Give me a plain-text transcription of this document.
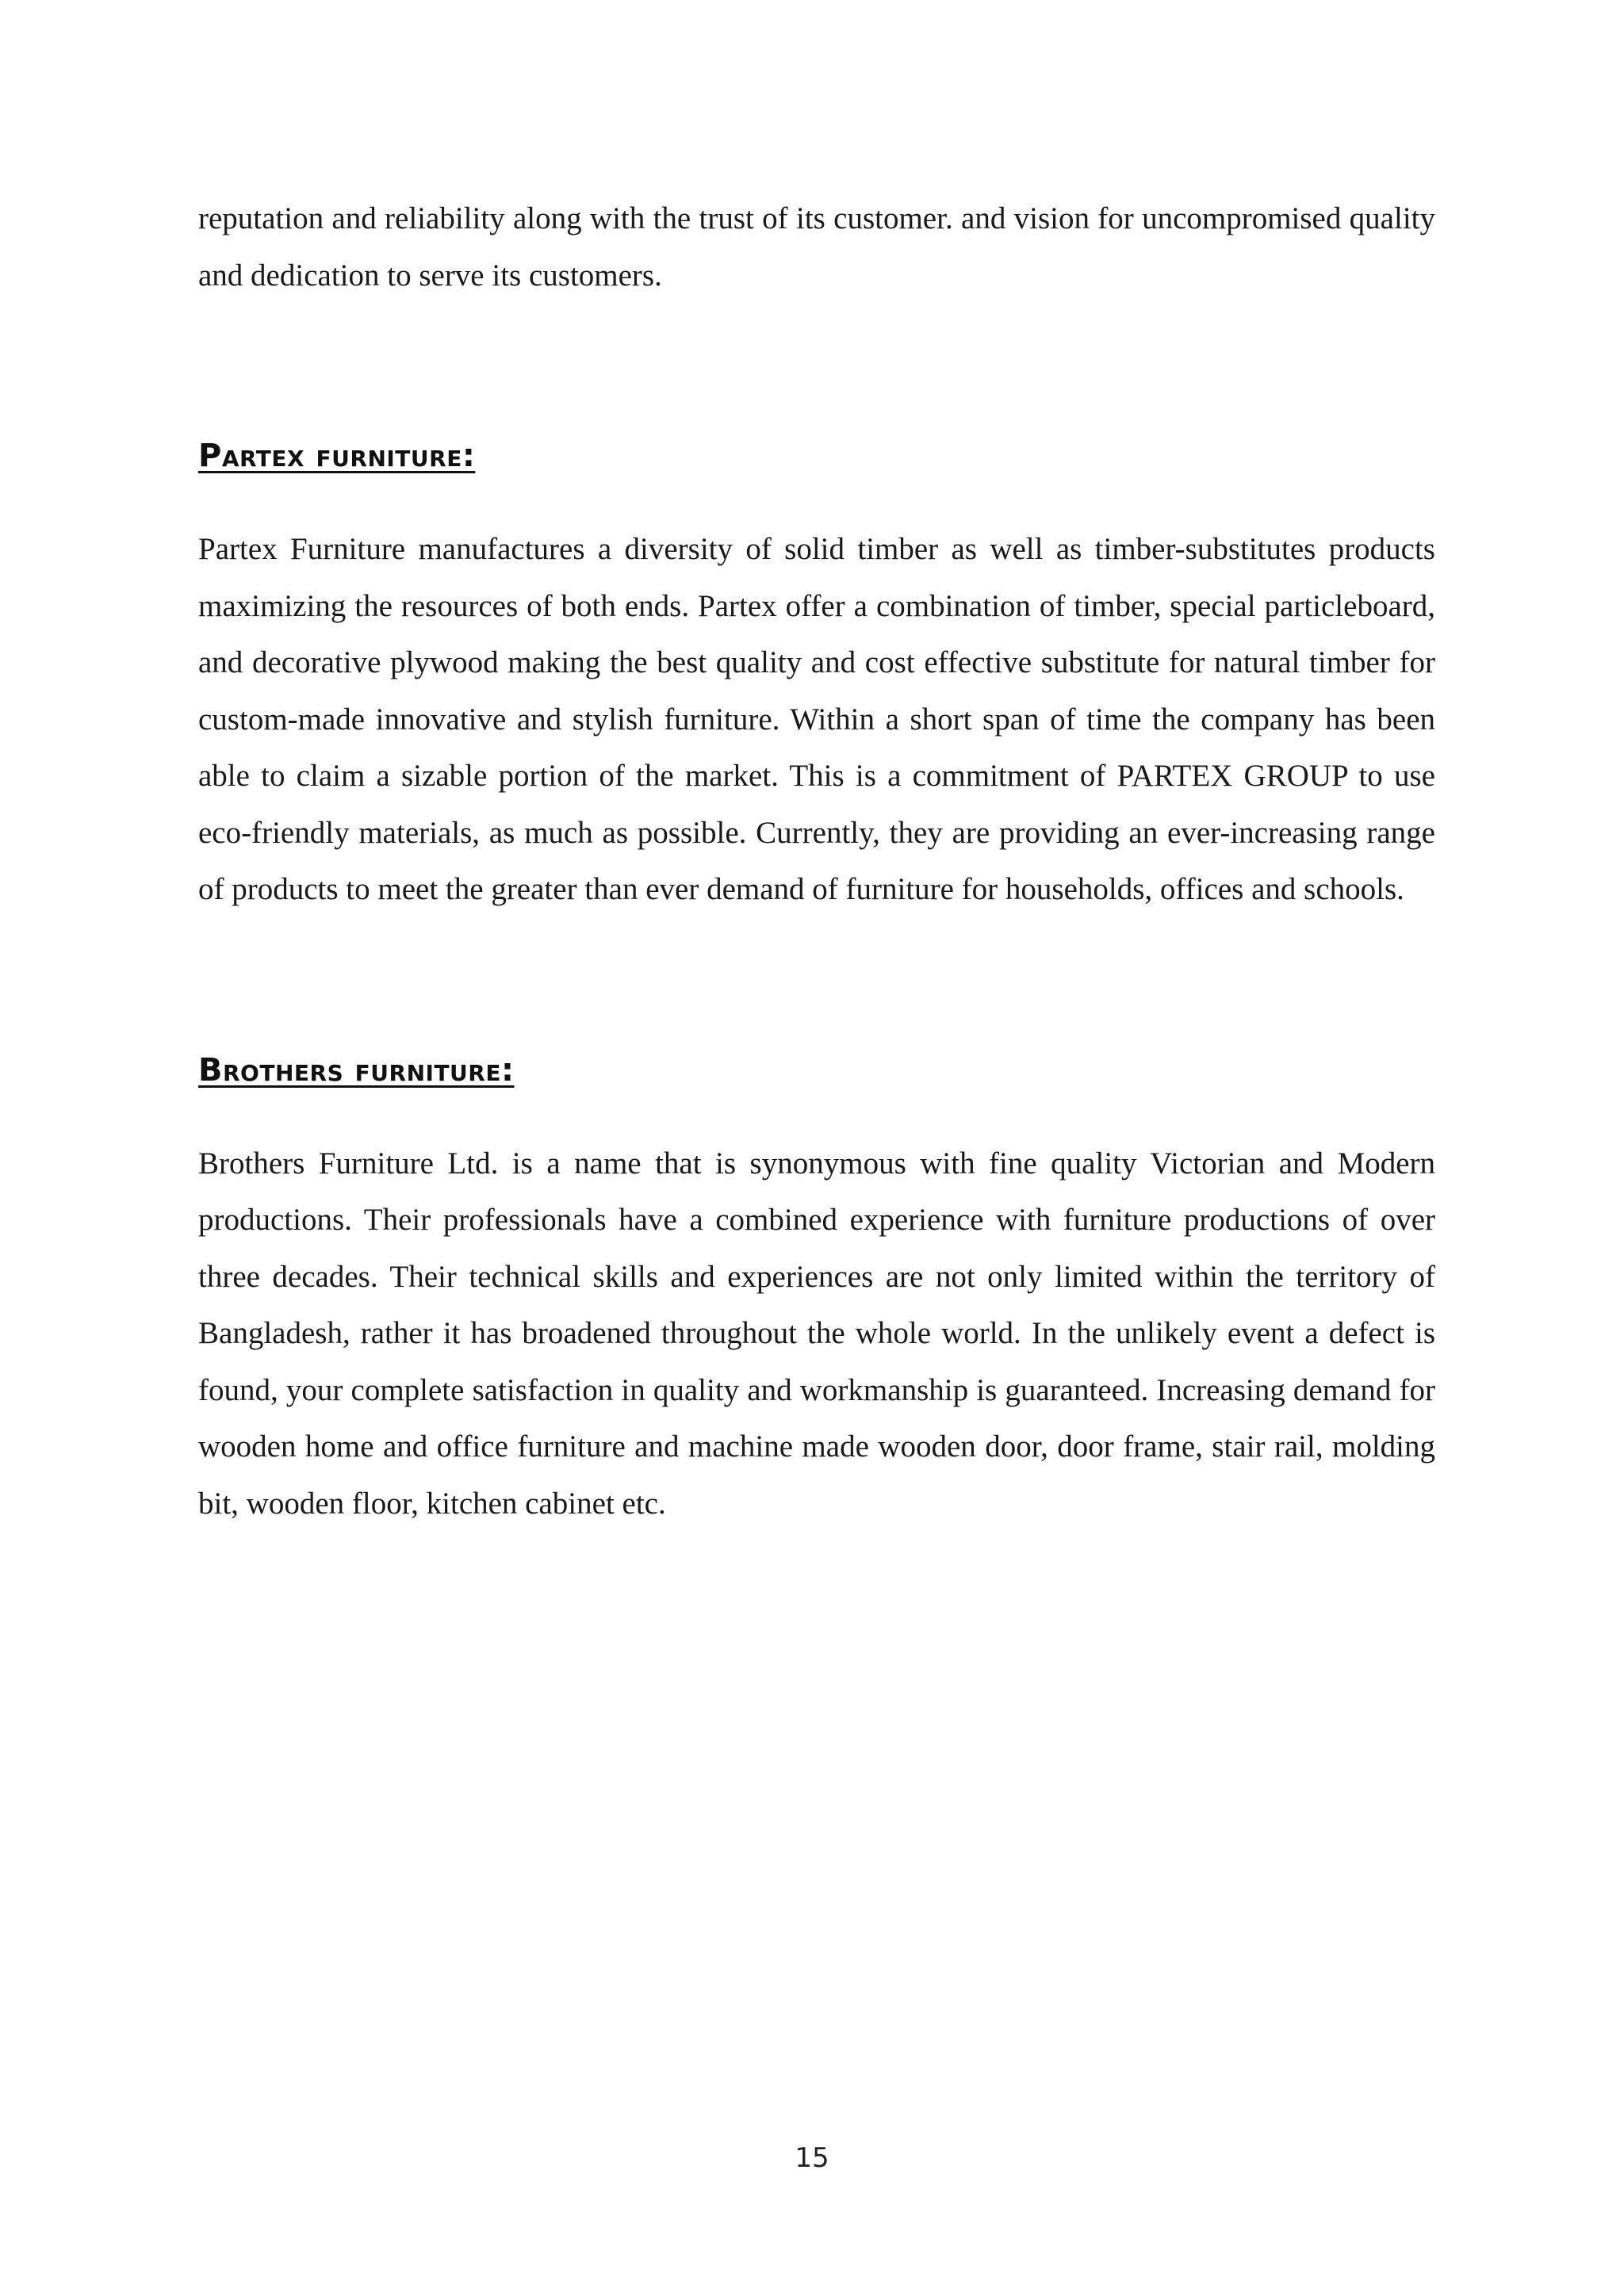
reputation and reliability along with the trust of its customer. and vision for uncompromised quality and dedication to serve its customers.

Partex furniture:

Partex Furniture manufactures a diversity of solid timber as well as timber-substitutes products maximizing the resources of both ends. Partex offer a combination of timber, special particleboard, and decorative plywood making the best quality and cost effective substitute for natural timber for custom-made innovative and stylish furniture. Within a short span of time the company has been able to claim a sizable portion of the market. This is a commitment of PARTEX GROUP to use eco-friendly materials, as much as possible. Currently, they are providing an ever-increasing range of products to meet the greater than ever demand of furniture for households, offices and schools.

Brothers furniture:

Brothers Furniture Ltd. is a name that is synonymous with fine quality Victorian and Modern productions. Their professionals have a combined experience with furniture productions of over three decades. Their technical skills and experiences are not only limited within the territory of Bangladesh, rather it has broadened throughout the whole world. In the unlikely event a defect is found, your complete satisfaction in quality and workmanship is guaranteed. Increasing demand for wooden home and office furniture and machine made wooden door, door frame, stair rail, molding bit, wooden floor, kitchen cabinet etc.

15
